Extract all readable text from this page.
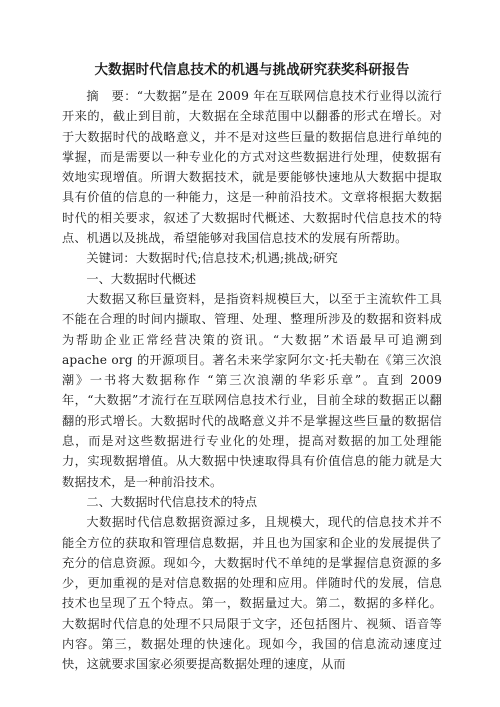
大数据时代信息技术的机遇与挑战研究获奖科研报告

摘　要：“大数据”是在 2009 年在互联网信息技术行业得以流行开来的，截止到目前，大数据在全球范围中以翻番的形式在增长。对于大数据时代的战略意义，并不是对这些巨量的数据信息进行单纯的掌握，而是需要以一种专业化的方式对这些数据进行处理，使数据有效地实现增值。所谓大数据技术，就是要能够快速地从大数据中提取具有价值的信息的一种能力，这是一种前沿技术。文章将根据大数据时代的相关要求，叙述了大数据时代概述、大数据时代信息技术的特点、机遇以及挑战，希望能够对我国信息技术的发展有所帮助。

关键词：大数据时代;信息技术;机遇;挑战;研究

一、大数据时代概述

大数据又称巨量资料，是指资料规模巨大，以至于主流软件工具不能在合理的时间内撷取、管理、处理、整理所涉及的数据和资料成为帮助企业正常经营决策的资讯。“大数据”术语最早可追溯到 apache org 的开源项目。著名未来学家阿尔文·托夫勒在《第三次浪潮》一书将大数据称作 “第三次浪潮的华彩乐章”。直到 2009 年，“大数据”才流行在互联网信息技术行业，目前全球的数据正以翻翻的形式增长。大数据时代的战略意义并不是掌握这些巨量的数据信息，而是对这些数据进行专业化的处理，提高对数据的加工处理能力，实现数据增值。从大数据中快速取得具有价值信息的能力就是大数据技术，是一种前沿技术。

二、大数据时代信息技术的特点

大数据时代信息数据资源过多，且规模大，现代的信息技术并不能全方位的获取和管理信息数据，并且也为国家和企业的发展提供了充分的信息资源。现如今，大数据时代不单纯的是掌握信息资源的多少，更加重视的是对信息数据的处理和应用。伴随时代的发展，信息技术也呈现了五个特点。第一，数据量过大。第二，数据的多样化。大数据时代信息的处理不只局限于文字，还包括图片、视频、语音等内容。第三，数据处理的快速化。现如今，我国的信息流动速度过快，这就要求国家必须要提高数据处理的速度，从而
